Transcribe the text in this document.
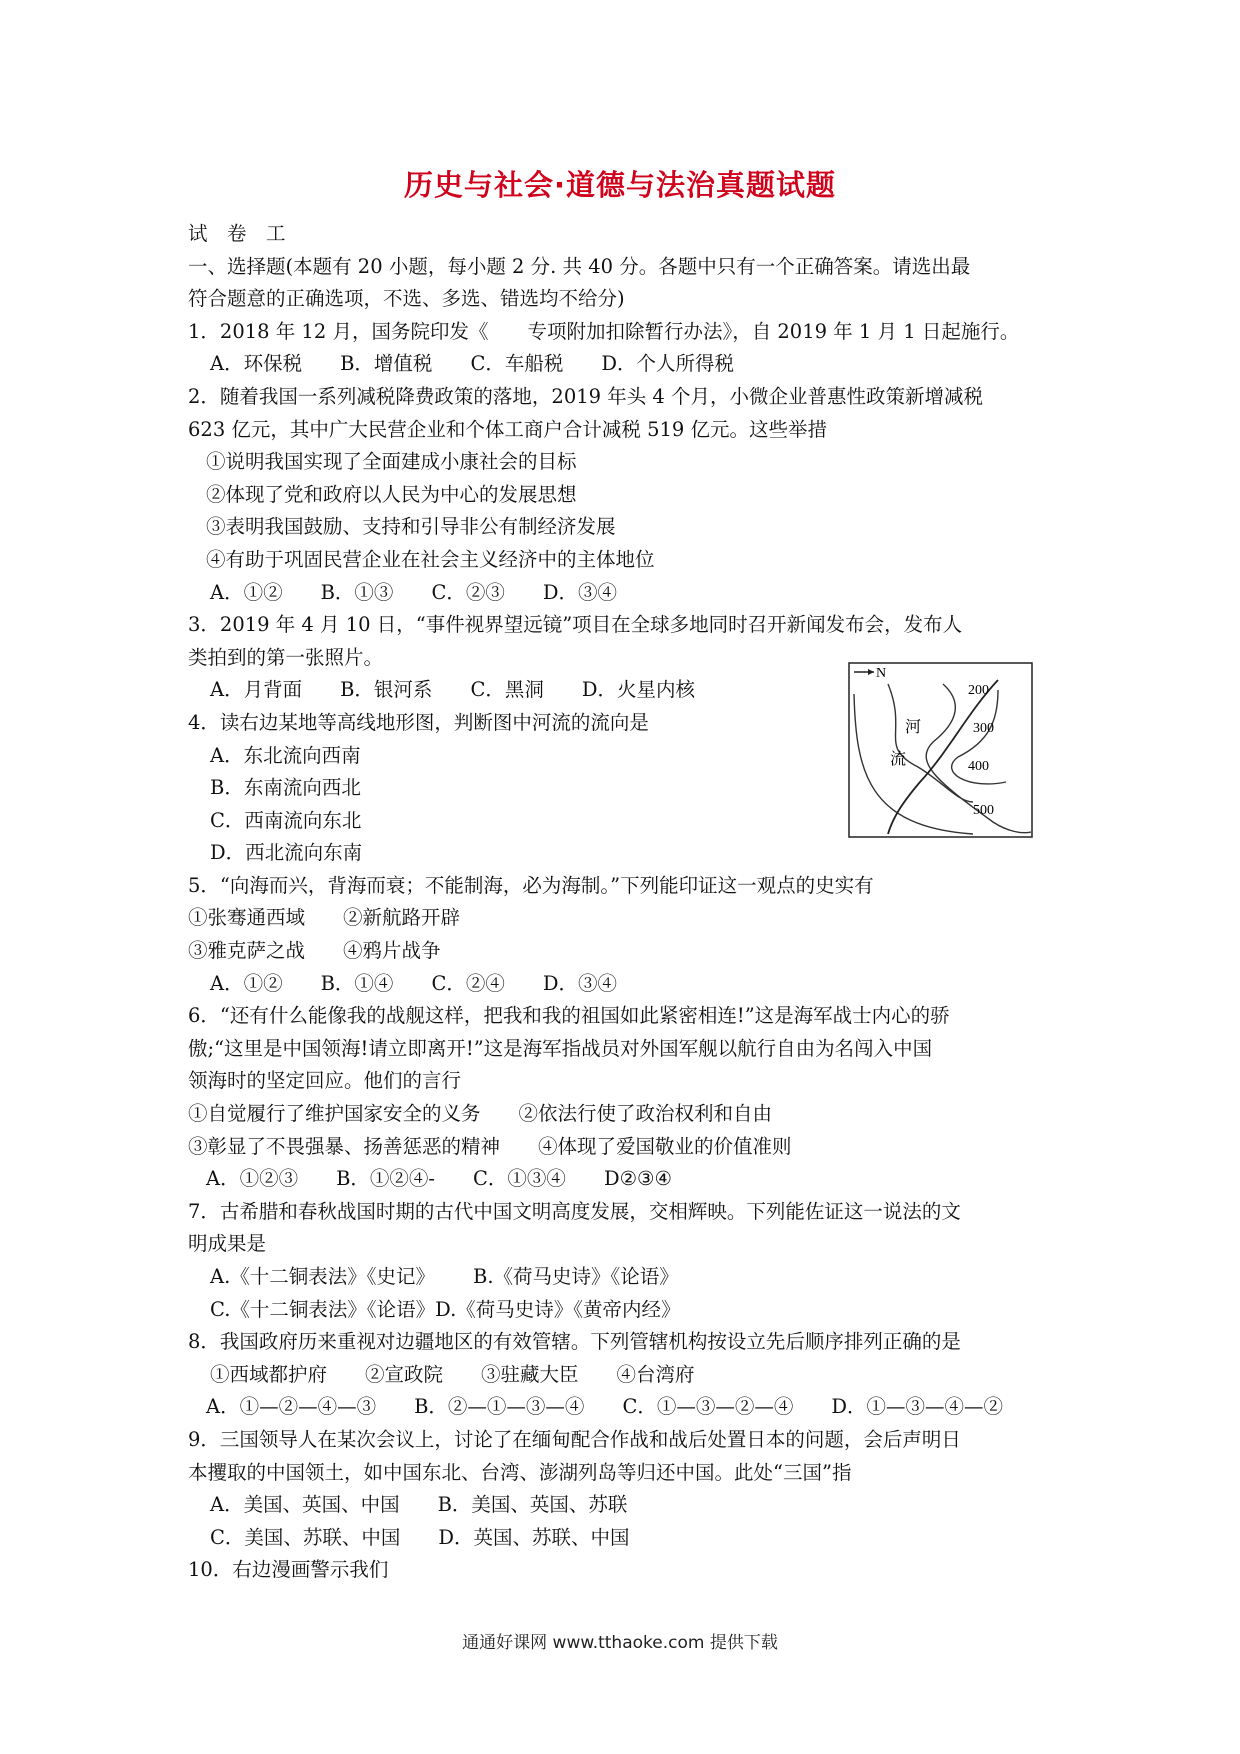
历史与社会·道德与法治真题试题
试　卷　工
一、选择题(本题有 20 小题，每小题 2 分. 共 40 分。各题中只有一个正确答案。请选出最
符合题意的正确选项，不选、多选、错选均不给分)
1．2018 年 12 月，国务院印发《　　专项附加扣除暂行办法》，自 2019 年 1 月 1 日起施行。
A．环保税 B．增值税 C．车船税 D．个人所得税
2．随着我国一系列减税降费政策的落地，2019 年头 4 个月，小微企业普惠性政策新增减税
623 亿元，其中广大民营企业和个体工商户合计减税 519 亿元。这些举措
①说明我国实现了全面建成小康社会的目标
②体现了党和政府以人民为中心的发展思想
③表明我国鼓励、支持和引导非公有制经济发展
④有助于巩固民营企业在社会主义经济中的主体地位
A．①② B．①③ C．②③ D．③④
3．2019 年 4 月 10 日，“事件视界望远镜”项目在全球多地同时召开新闻发布会，发布人
类拍到的第一张照片。
A．月背面 B．银河系 C．黑洞 D．火星内核
4．读右边某地等高线地形图，判断图中河流的流向是
A．东北流向西南
B．东南流向西北
C．西南流向东北
D．西北流向东南
5．“向海而兴，背海而衰；不能制海，必为海制。”下列能印证这一观点的史实有
①张骞通西域 ②新航路开辟
③雅克萨之战 ④鸦片战争
A．①② B．①④ C．②④ D．③④
6．“还有什么能像我的战舰这样，把我和我的祖国如此紧密相连!”这是海军战士内心的骄
傲;“这里是中国领海!请立即离开!”这是海军指战员对外国军舰以航行自由为名闯入中国
领海时的坚定回应。他们的言行
①自觉履行了维护国家安全的义务 ②依法行使了政治权利和自由
③彰显了不畏强暴、扬善惩恶的精神 ④体现了爱国敬业的价值准则
A．①②③ B．①②④- C．①③④ D②③④
7．古希腊和春秋战国时期的古代中国文明高度发展，交相辉映。下列能佐证这一说法的文
明成果是
A.《十二铜表法》《史记》 B.《荷马史诗》《论语》
C.《十二铜表法》《论语》D.《荷马史诗》《黄帝内经》
8．我国政府历来重视对边疆地区的有效管辖。下列管辖机构按设立先后顺序排列正确的是
①西域都护府 ②宣政院 ③驻藏大臣 ④台湾府
A．①—②—④—③ B．②—①—③—④ C．①—③—②—④ D．①—③—④—②
9．三国领导人在某次会议上，讨论了在缅甸配合作战和战后处置日本的问题，会后声明日
本攫取的中国领土，如中国东北、台湾、澎湖列岛等归还中国。此处“三国”指
A．美国、英国、中国 B．美国、英国、苏联
C．美国、苏联、中国 D．英国、苏联、中国
10．右边漫画警示我们
N
河
流
200
300
400
500
通通好课网 www.tthaoke.com 提供下载
